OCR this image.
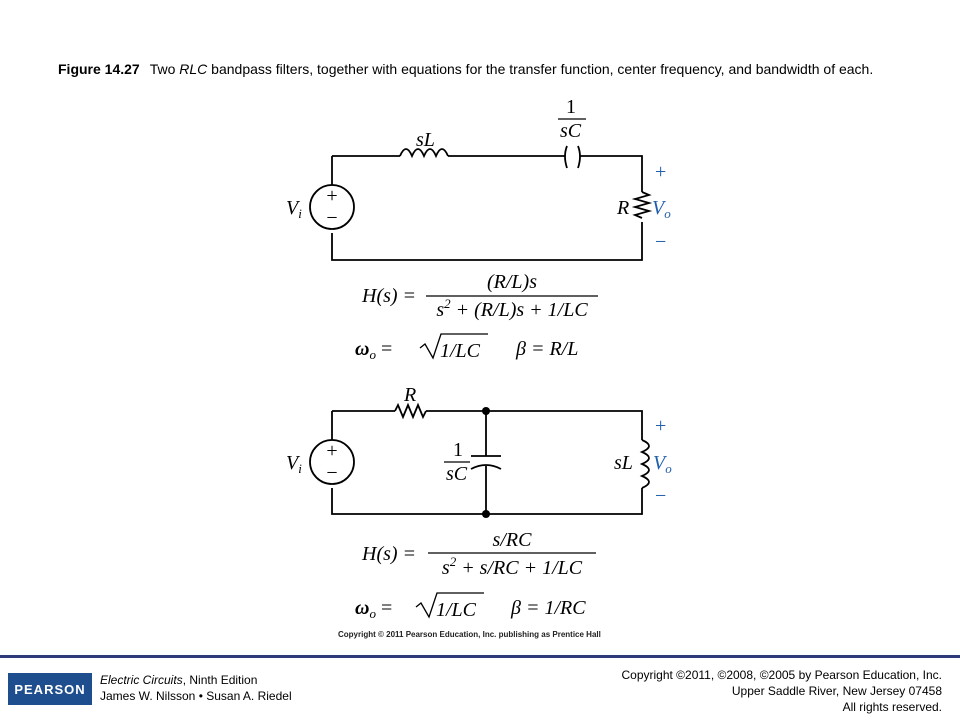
Figure 14.27 Two RLC bandpass filters, together with equations for the transfer function, center frequency, and bandwidth of each.
+
−
+
−
$V_i$
sL
1
sC
R
+
$V_o$
−
H(s) =
(R/L)s
$s^2 + (R/L)s + 1/LC$
$\omega_o = 1/LC$ β = R/L
$V_i$
R
1
sC	sL
+
$V_o$
−
H(s) =
s/RC
$s^2 + s/RC + 1/LC$
$\omega_o = 1/LC$ β = 1/RC
Copyright © 2011 Pearson Education, Inc. publishing as Prentice Hall
PEARSON
Electric Circuits, Ninth Edition
James W. Nilsson • Susan A. Riedel
Copyright ©2011, ©2008, ©2005 by Pearson Education, Inc.
Upper Saddle River, New Jersey 07458
All rights reserved.
